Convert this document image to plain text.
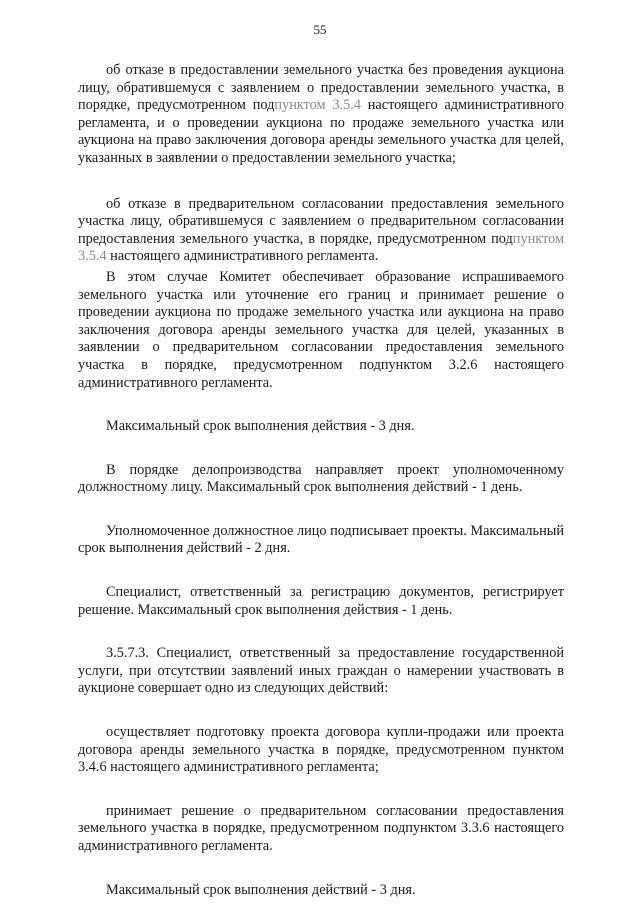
55

об отказе в предоставлении земельного участка без проведения аукциона лицу, обратившемуся с заявлением о предоставлении земельного участка, в порядке, предусмотренном подпунктом 3.5.4 настоящего административного регламента, и о проведении аукциона по продаже земельного участка или аукциона на право заключения договора аренды земельного участка для целей, указанных в заявлении о предоставлении земельного участка;

об отказе в предварительном согласовании предоставления земельного участка лицу, обратившемуся с заявлением о предварительном согласовании предоставления земельного участка, в порядке, предусмотренном подпунктом 3.5.4 настоящего административного регламента.

В этом случае Комитет обеспечивает образование испрашиваемого земельного участка или уточнение его границ и принимает решение о проведении аукциона по продаже земельного участка или аукциона на право заключения договора аренды земельного участка для целей, указанных в заявлении о предварительном согласовании предоставления земельного участка в порядке, предусмотренном подпунктом 3.2.6 настоящего административного регламента.

Максимальный срок выполнения действия - 3 дня.

В порядке делопроизводства направляет проект уполномоченному должностному лицу. Максимальный срок выполнения действий - 1 день.

Уполномоченное должностное лицо подписывает проекты. Максимальный срок выполнения действий - 2 дня.

Специалист, ответственный за регистрацию документов, регистрирует решение. Максимальный срок выполнения действия - 1 день.

3.5.7.3. Специалист, ответственный за предоставление государственной услуги, при отсутствии заявлений иных граждан о намерении участвовать в аукционе совершает одно из следующих действий:

осуществляет подготовку проекта договора купли-продажи или проекта договора аренды земельного участка в порядке, предусмотренном пунктом 3.4.6 настоящего административного регламента;

принимает решение о предварительном согласовании предоставления земельного участка в порядке, предусмотренном подпунктом 3.3.6 настоящего административного регламента.

Максимальный срок выполнения действий - 3 дня.
